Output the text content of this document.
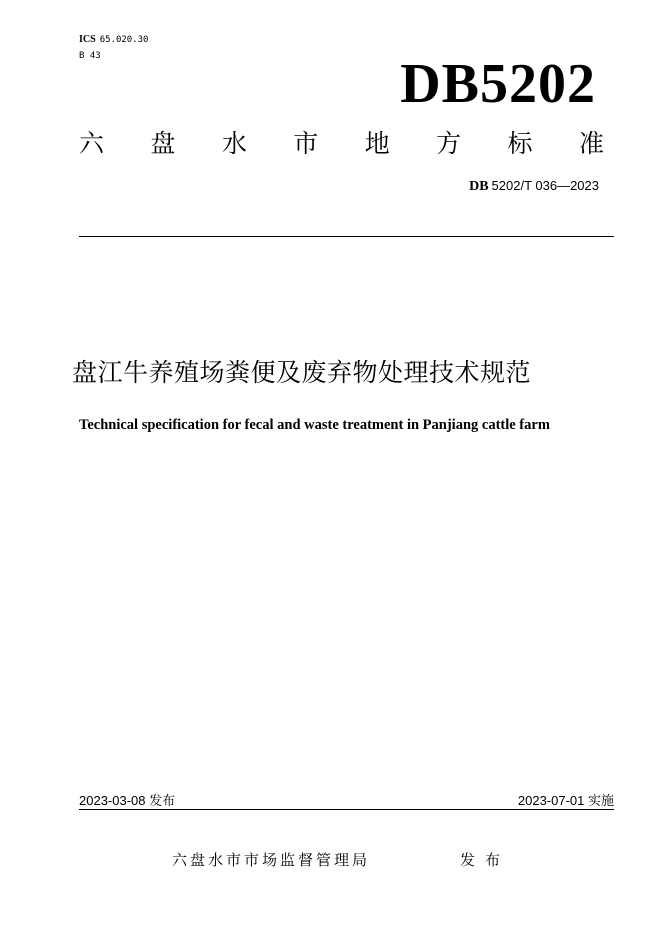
ICS 65.020.30
B 43	DB5202
六 盘 水 市 地 方 标 准
DB 5202/T 036—2023
盘江牛养殖场粪便及废弃物处理技术规范
Technical specification for fecal and waste treatment in Panjiang cattle farm
2023-03-08 发布	2023-07-01 实施
六盘水市市场监督管理局	发布
